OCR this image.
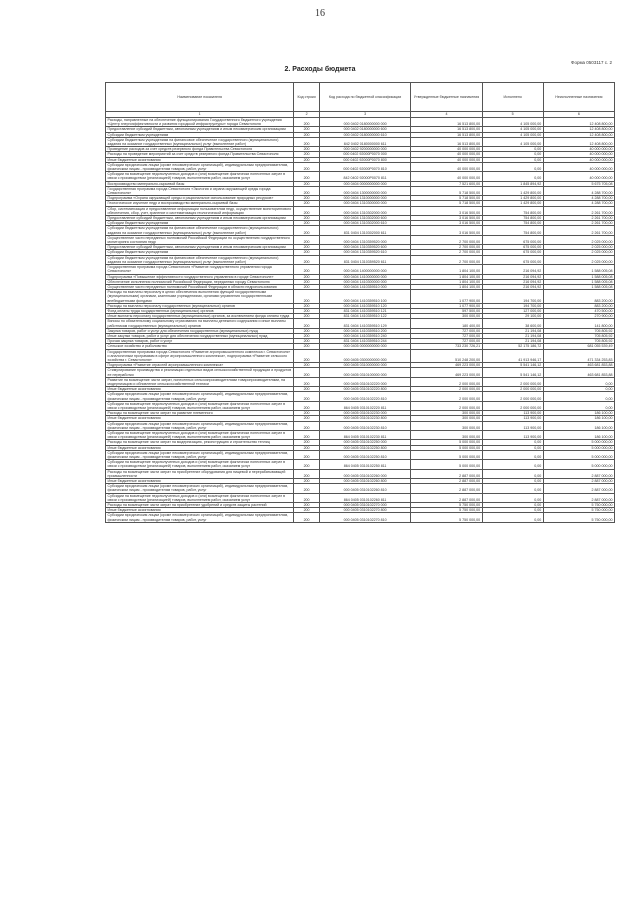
16
Форма 0503117 с. 2
2. Расходы бюджета
Наименование показателя	Код строки	Код расхода по бюджетной классификации	Утвержденные бюджетные назначения	Исполнено	Неисполненные назначения
1	2	3	4	5	6
Расходы, направленные на обеспечение функционирования Государственного бюджетного учреждения «Центр энергоэффективности и развития городской инфраструктуры» города Севастополя	200	000 0402 0180000000 000	16 513 800,00	4 105 000,00	12 408 800,00
Предоставление субсидий бюджетным, автономным учреждениям и иным некоммерческим организациям	200	000 0402 0180000000 600	16 513 800,00	4 105 000,00	12 408 800,00
Субсидии бюджетным учреждениям	200	000 0402 0180000000 610	16 513 800,00	4 105 000,00	12 408 800,00
Субсидии бюджетным учреждениям на финансовое обеспечение государственного (муниципального) задания на оказание государственных (муниципальных) услуг (выполнение работ)	200	842 0402 0180000000 611	16 513 800,00	4 105 000,00	12 408 800,00
Проведение расходов за счет средств резервного фонда Правительства Севастополя	200	000 0402 9200000000 000	40 000 000,00	0,00	40 000 000,00
Расходы на проведение мероприятий за счет средств резервного фонда Правительства Севастополя	200	000 0402 92000Р0070 000	40 000 000,00	0,00	40 000 000,00
Иные бюджетные ассигнования	200	000 0402 92000Р0070 800	40 000 000,00	0,00	40 000 000,00
Субсидии юридическим лицам (кроме некоммерческих организаций), индивидуальным предпринимателям, физическим лицам - производителям товаров, работ, услуг	200	000 0402 92000Р0070 810	40 000 000,00	0,00	40 000 000,00
Субсидии на возмещение недополученных доходов и (или) возмещение фактически понесенных затрат в связи с производством (реализацией) товаров, выполнением работ, оказанием услуг	200	842 0402 92000Р0070 811	40 000 000,00	0,00	40 000 000,00
Воспроизводство минерально-сырьевой базы	200	000 0404 0000000000 000	7 521 600,00	1 845 894,92	5 675 705,08
Государственная программа города Севастополя «Экология и охрана окружающей среды города Севастополя»	200	000 0404 1300000000 000	5 718 500,00	1 429 800,00	4 288 700,00
Подпрограмма «Охрана окружающей среды и рациональное использование природных ресурсов»	200	000 0404 1310000000 000	5 718 500,00	1 429 800,00	4 288 700,00
Геологическое изучение недр и воспроизводство минерально-сырьевой базы	200	000 0404 1310300000 000	5 718 500,00	1 429 800,00	4 288 700,00
Сбор, систематизация и предоставление информации пользователям недр, осуществление мониторингового обеспечения, сбор, учет, хранение и систематизация геологической информации	200	000 0404 1310302000 000	3 016 500,00	754 800,00	2 261 700,00
Предоставление субсидий бюджетным, автономным учреждениям и иным некоммерческим организациям	200	000 0404 1310302000 600	3 016 500,00	754 800,00	2 261 700,00
Субсидии бюджетным учреждениям	200	000 0404 1310302000 610	3 016 500,00	754 800,00	2 261 700,00
Субсидии бюджетным учреждениям на финансовое обеспечение государственного (муниципального) задания на оказание государственных (муниципальных) услуг (выполнение работ)	200	831 0404 1310302000 611	3 016 500,00	754 800,00	2 261 700,00
Осуществление части переданных полномочий Российской Федерации по осуществлению государственного мониторинга состояния недр	200	000 0404 1310359520 000	2 700 000,00	675 000,00	2 025 000,00
Предоставление субсидий бюджетным, автономным учреждениям и иным некоммерческим организациям	200	000 0404 1310359520 600	2 700 000,00	675 000,00	2 025 000,00
Субсидии бюджетным учреждениям	200	000 0404 1310359520 610	2 700 000,00	675 000,00	2 025 000,00
Субсидии бюджетным учреждениям на финансовое обеспечение государственного (муниципального) задания на оказание государственных (муниципальных) услуг (выполнение работ)	200	831 0404 1310359520 611	2 700 000,00	675 000,00	2 025 000,00
Государственная программа города Севастополя «Развитие государственного управления города Севастополя»	200	000 0404 1400000000 000	1 804 100,00	216 094,92	1 588 005,08
Подпрограмма «Повышение эффективности государственного управления в городе Севастополе»	200	000 0404 1410000000 000	1 804 100,00	216 094,92	1 588 005,08
Обеспечение исполнения полномочий Российской Федерации, переданных городу Севастополю	200	000 0404 1410300000 000	1 804 100,00	216 094,92	1 588 005,08
Осуществление части переданных полномочий Российской Федерации в области недропользования	200	000 0404 1410359510 000	1 804 100,00	216 094,92	1 588 005,08
Расходы на выплаты персоналу в целях обеспечения выполнения функций государственными (муниципальными) органами, казенными учреждениями, органами управления государственными внебюджетными фондами	200	000 0404 1410359510 100	1 077 900,00	194 700,00	883 200,00
Расходы на выплаты персоналу государственных (муниципальных) органов	200	000 0404 1410359510 120	1 077 900,00	194 700,00	883 200,00
Фонд оплаты труда государственных (муниципальных) органов	200	831 0404 1410359510 121	597 500,00	127 000,00	470 500,00
Иные выплаты персоналу государственных (муниципальных) органов, за исключением фонда оплаты труда	200	831 0404 1410359510 122	300 000,00	29 100,00	270 900,00
Взносы по обязательному социальному страхованию на выплаты денежного содержания и иные выплаты работникам государственных (муниципальных) органов	200	831 0404 1410359510 129	180 400,00	38 600,00	141 800,00
Закупка товаров, работ и услуг для обеспечения государственных (муниципальных) нужд	200	000 0404 1410359510 200	727 000,00	21 194,08	705 805,92
Иные закупки товаров, работ и услуг для обеспечения государственных (муниципальных) нужд	200	000 0404 1410359510 240	727 000,00	21 194,08	705 805,92
Прочая закупка товаров, работ и услуг	200	831 0404 1410359510 244	727 000,00	21 194,08	705 805,92
Сельское хозяйство и рыболовство	200	000 0405 0000000000 000	733 230 726,21	52 175 186,72	681 055 539,49
Государственная программа города Севастополя «Развитие агропромышленного комплекса г. Севастополя» и аналогичным программам в сфере агропромышленного комплекса», подпрограмма «Развитие сельского хозяйства г. Севастополя»	200	000 0405 0300000000 000	510 248 200,00	41 913 946,17	471 334 253,83
Подпрограмма «Развитие отраслей агропромышленного комплекса»	200	000 0405 0310000000 000	469 223 000,00	5 541 146,12	463 681 853,88
Стимулирование производства и реализации отдельных видов сельскохозяйственной продукции и продуктов ее переработки	200	000 0405 0310100000 000	469 223 000,00	5 541 146,12	463 681 853,88
Развитие на возмещение части затрат, понесенных сельхозпроизводителями товаропроизводителями, на модернизацию и обновление сельскохозяйственной техники	200	000 0405 0310102220 000	2 000 000,00	2 000 000,00	0,00
Иные бюджетные ассигнования	200	000 0405 0310102220 800	2 000 000,00	2 000 000,00	0,00
Субсидии юридическим лицам (кроме некоммерческих организаций), индивидуальным предпринимателям, физическим лицам - производителям товаров, работ, услуг	200	000 0405 0310102220 810	2 000 000,00	2 000 000,00	0,00
Субсидии на возмещение недополученных доходов и (или) возмещение фактически понесенных затрат в связи с производством (реализацией) товаров, выполнением работ, оказанием услуг	200	864 0405 0310102220 811	2 000 000,00	2 000 000,00	0,00
Расходы на возмещение части затрат на развитие племенного	200	000 0405 0310102230 000	300 000,00	113 900,00	186 100,00
Иные бюджетные ассигнования	200	000 0405 0310102230 800	300 000,00	113 900,00	186 100,00
Субсидии юридическим лицам (кроме некоммерческих организаций), индивидуальным предпринимателям, физическим лицам - производителям товаров, работ, услуг	200	000 0405 0310102230 810	300 000,00	113 900,00	186 100,00
Субсидии на возмещение недополученных доходов и (или) возмещение фактически понесенных затрат в связи с производством (реализацией) товаров, выполнением работ, оказанием услуг	200	864 0405 0310102230 811	300 000,00	113 900,00	186 100,00
Расходы на возмещение части затрат на модернизацию, реконструкцию и строительство теплиц	200	000 0405 0310102250 000	5 000 000,00	0,00	5 000 000,00
Иные бюджетные ассигнования	200	000 0405 0310102250 800	5 000 000,00	0,00	5 000 000,00
Субсидии юридическим лицам (кроме некоммерческих организаций), индивидуальным предпринимателям, физическим лицам - производителям товаров, работ, услуг	200	000 0405 0310102250 810	5 000 000,00	0,00	5 000 000,00
Субсидии на возмещение недополученных доходов и (или) возмещение фактически понесенных затрат в связи с производством (реализацией) товаров, выполнением работ, оказанием услуг	200	864 0405 0310102250 811	5 000 000,00	0,00	5 000 000,00
Расходы на возмещение части затрат на приобретение оборудования для пищевой и перерабатывающей промышленности	200	000 0405 0310102260 000	2 887 000,00	0,00	2 887 000,00
Иные бюджетные ассигнования	200	000 0405 0310102260 800	2 887 000,00	0,00	2 887 000,00
Субсидии юридическим лицам (кроме некоммерческих организаций), индивидуальным предпринимателям, физическим лицам - производителям товаров, работ, услуг	200	000 0405 0310102260 810	2 887 000,00	0,00	2 887 000,00
Субсидии на возмещение недополученных доходов и (или) возмещение фактически понесенных затрат в связи с производством (реализацией) товаров, выполнением работ, оказанием услуг	200	864 0405 0310102260 811	2 887 000,00	0,00	2 887 000,00
Расходы на возмещение части затрат на приобретение удобрений и средств защиты растений	200	000 0405 0310102270 000	5 750 000,00	0,00	5 750 000,00
Иные бюджетные ассигнования	200	000 0405 0310102270 800	5 750 000,00	0,00	5 750 000,00
Субсидии юридическим лицам (кроме некоммерческих организаций), индивидуальным предпринимателям, физическим лицам - производителям товаров, работ, услуг	200	000 0405 0310102270 810	5 750 000,00	0,00	5 750 000,00
